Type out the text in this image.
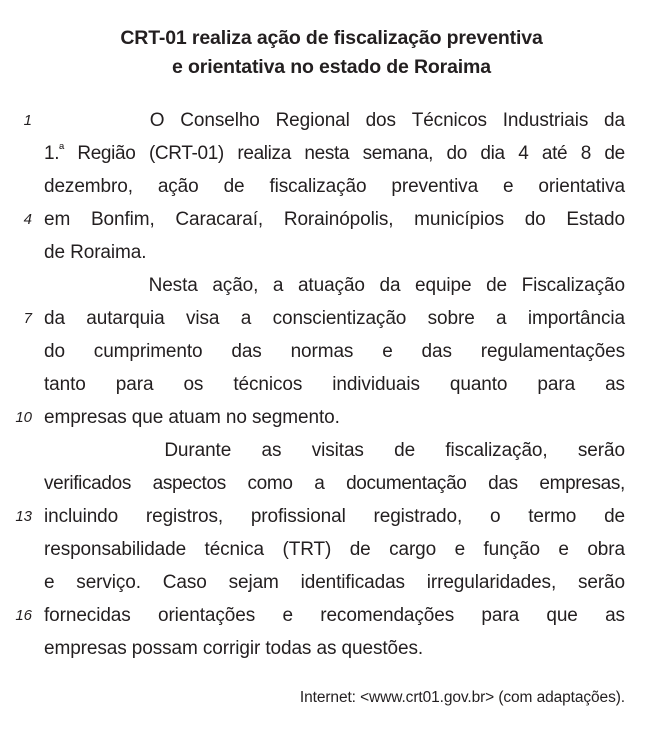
CRT-01 realiza ação de fiscalização preventiva
e orientativa no estado de Roraima
1	O Conselho Regional dos Técnicos Industriais da
1.$^ª$ Região (CRT-01) realiza nesta semana, do dia 4 até 8 de
dezembro, ação de fiscalização preventiva e orientativa
4 em Bonfim, Caracaraí, Rorainópolis, municípios do Estado
de Roraima.
Nesta ação, a atuação da equipe de Fiscalização
7 da autarquia visa a conscientização sobre a importância
do cumprimento das normas e das regulamentações
tanto para os técnicos individuais quanto para as
10 empresas que atuam no segmento.
Durante as visitas de fiscalização, serão
verificados aspectos como a documentação das empresas,
13 incluindo registros, profissional registrado, o termo de
responsabilidade técnica (TRT) de cargo e função e obra
e serviço. Caso sejam identificadas irregularidades, serão
16 fornecidas orientações e recomendações para que as
empresas possam corrigir todas as questões.
Internet: <www.crt01.gov.br> (com adaptações).
